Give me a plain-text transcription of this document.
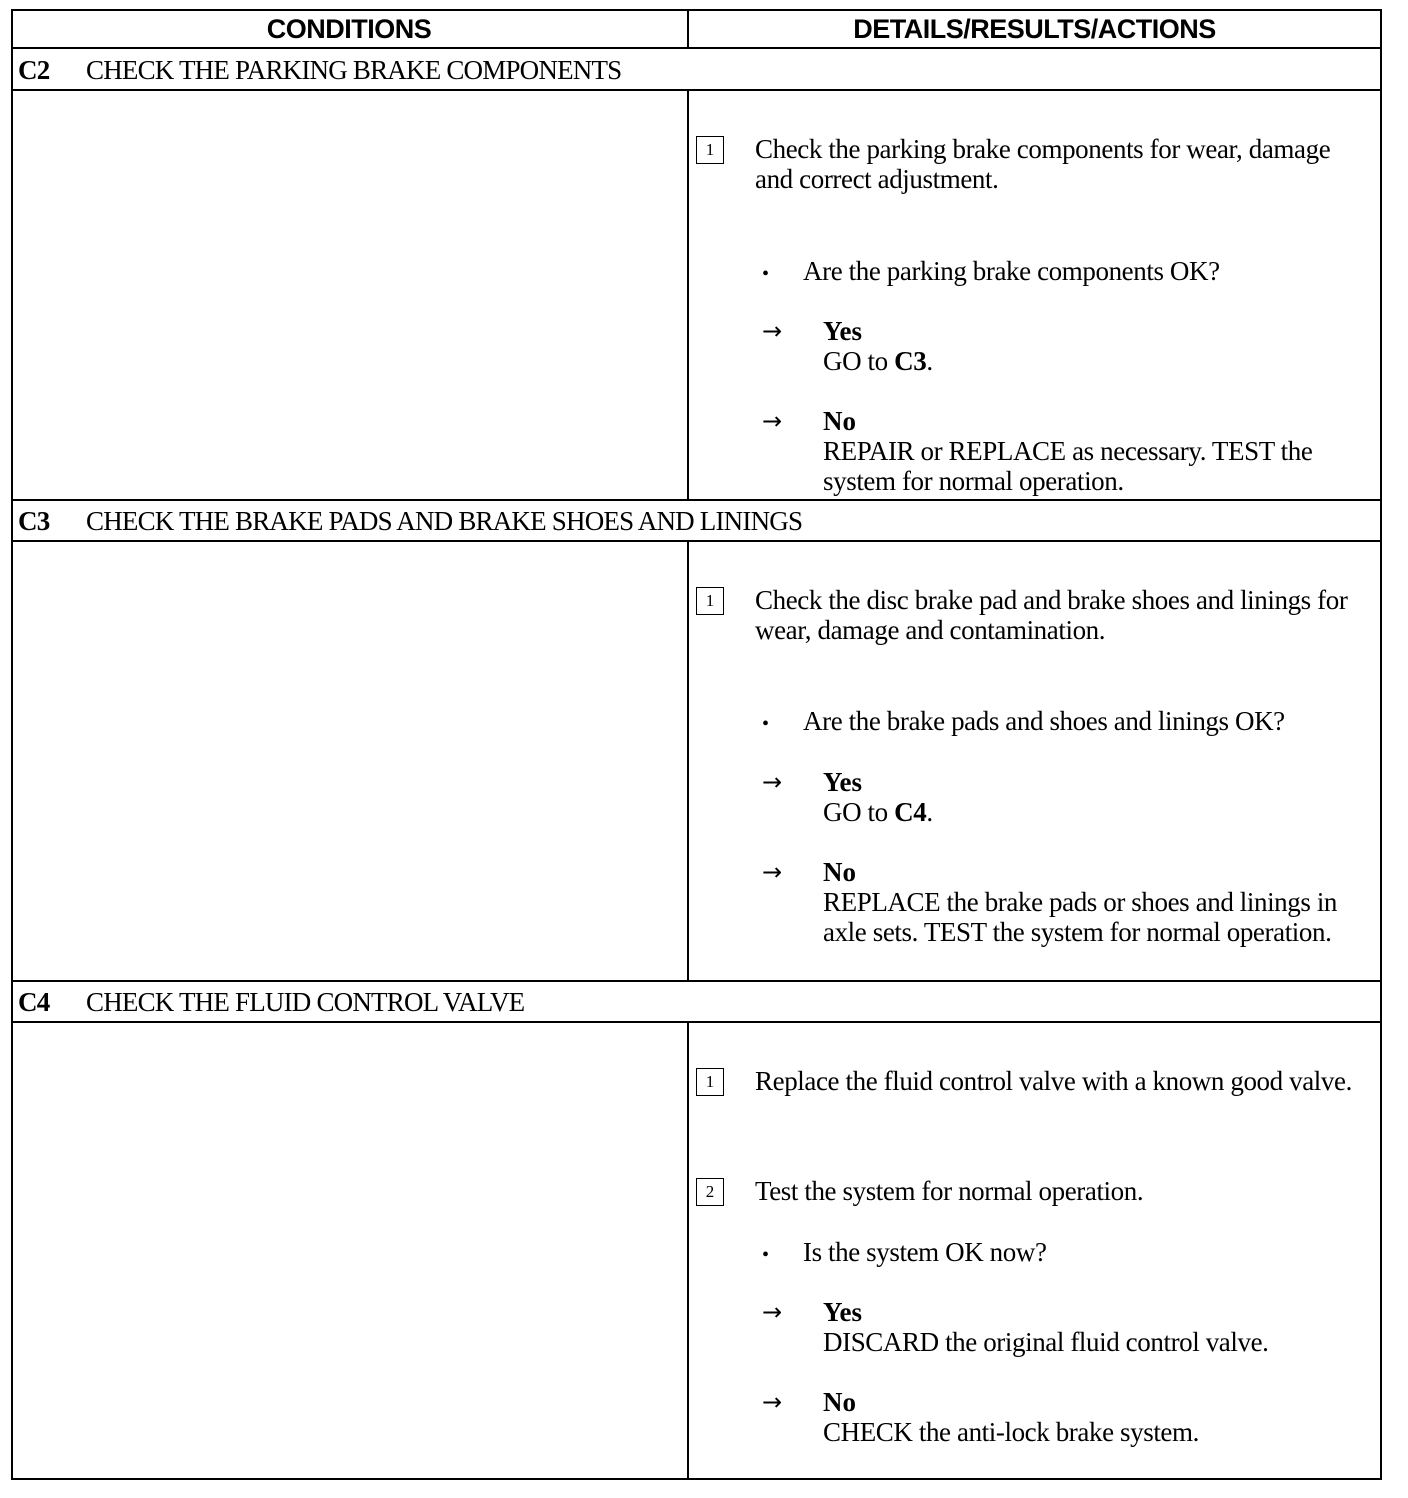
CONDITIONS	DETAILS/RESULTS/ACTIONS
C2 CHECK THE PARKING BRAKE COMPONENTS
1	Check the parking brake components for wear, damage and correct adjustment.
• Are the parking brake components OK?
→ Yes
GO to C3.
→ No
REPAIR or REPLACE as necessary. TEST the system for normal operation.
C3 CHECK THE BRAKE PADS AND BRAKE SHOES AND LININGS
1	Check the disc brake pad and brake shoes and linings for wear, damage and contamination.
• Are the brake pads and shoes and linings OK?
→ Yes
GO to C4.
→ No
REPLACE the brake pads or shoes and linings in axle sets. TEST the system for normal operation.
C4 CHECK THE FLUID CONTROL VALVE
1	Replace the fluid control valve with a known good valve.
2	Test the system for normal operation.
• Is the system OK now?
→ Yes
DISCARD the original fluid control valve.
→ No
CHECK the anti-lock brake system.
